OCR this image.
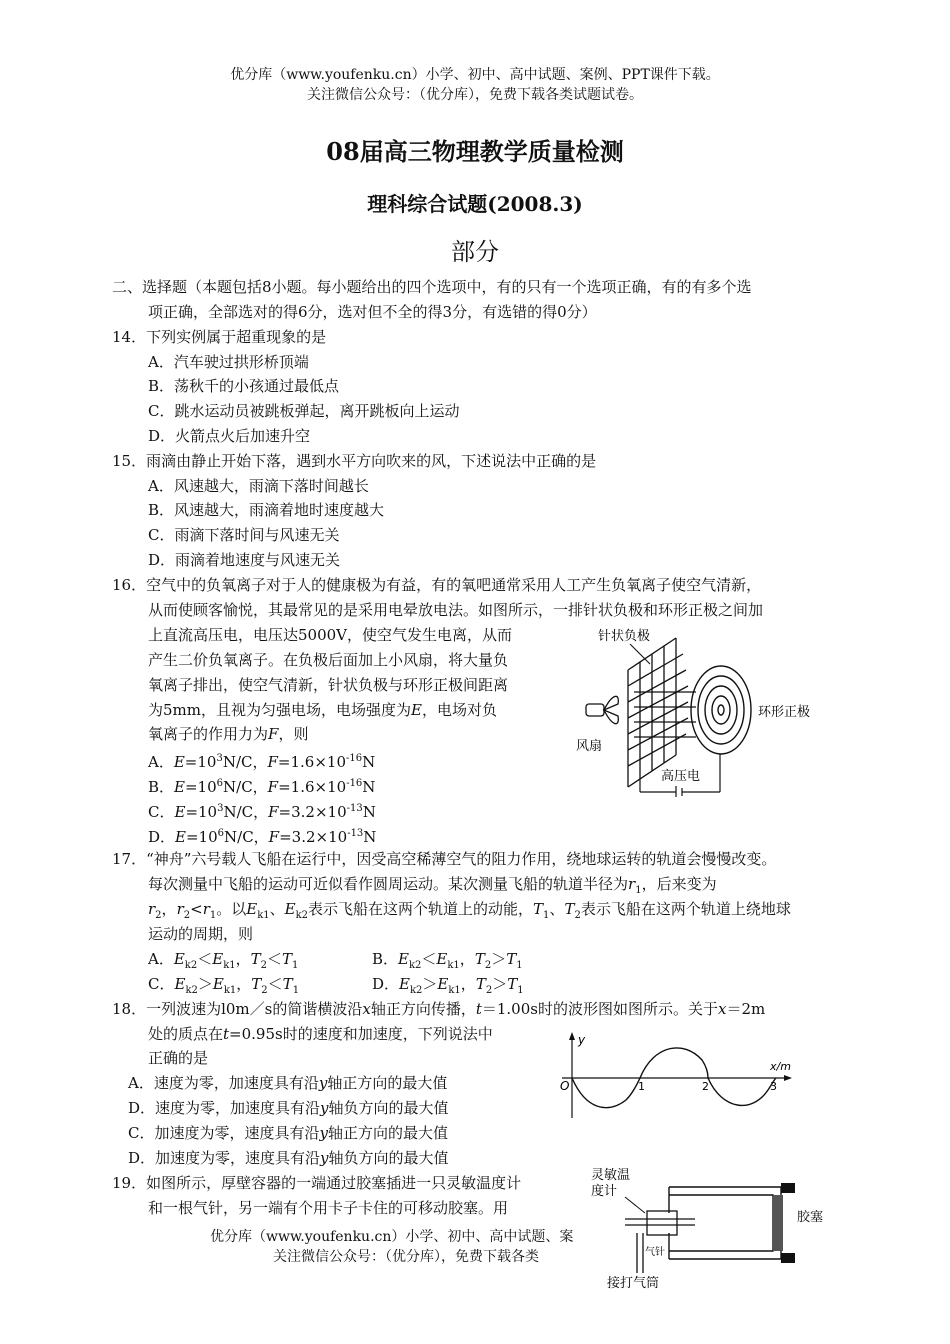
优分库（www.youfenku.cn）小学、初中、高中试题、案例、PPT课件下载。
关注微信公众号：（优分库），免费下载各类试题试卷。
08届高三物理教学质量检测
理科综合试题(2008.3)
部分
二、选择题（本题包括8小题。每小题给出的四个选项中，有的只有一个选项正确，有的有多个选
项正确，全部选对的得6分，选对但不全的得3分，有选错的得0分）
14．下列实例属于超重现象的是
A．汽车驶过拱形桥顶端
B．荡秋千的小孩通过最低点
C．跳水运动员被跳板弹起，离开跳板向上运动
D．火箭点火后加速升空
15．雨滴由静止开始下落，遇到水平方向吹来的风，下述说法中正确的是
A．风速越大，雨滴下落时间越长
B．风速越大，雨滴着地时速度越大
C．雨滴下落时间与风速无关
D．雨滴着地速度与风速无关
16．空气中的负氧离子对于人的健康极为有益，有的氧吧通常采用人工产生负氧离子使空气清新，
从而使顾客愉悦，其最常见的是采用电晕放电法。如图所示，一排针状负极和环形正极之间加
上直流高压电，电压达5000V，使空气发生电离，从而
产生二价负氧离子。在负极后面加上小风扇，将大量负
氧离子排出，使空气清新，针状负极与环形正极间距离
为5mm，且视为匀强电场，电场强度为E，电场对负
氧离子的作用力为F，则
A．$E=10^3N/C$，$F=1.6\times 10^{-16}N$
B．$E=10^6N/C$，$F=1.6\times 10^{-16}N$
C．$E=10^3N/C$，$F=3.2\times 10^{-13}N$
D．$E=10^6N/C$，$F=3.2\times 10^{-13}N$
针状负极
风扇
环形正极
高压电
17．“神舟”六号载人飞船在运行中，因受高空稀薄空气的阻力作用，绕地球运转的轨道会慢慢改变。
每次测量中飞船的运动可近似看作圆周运动。某次测量飞船的轨道半径为$r_1$，后来变为
$r_2$，$r_2<r_1$。以$E_{k1}$、$E_{k2}$表示飞船在这两个轨道上的动能，$T_1$、$T_2$表示飞船在这两个轨道上绕地球
运动的周期，则
A．$E_{k2}<E_{k1}$，$T_2<T_1$	B．$E_{k2}<E_{k1}$，$T_2>T_1$
C．$E_{k2}>E_{k1}$，$T_2<T_1$	D．$E_{k2}>E_{k1}$，$T_2>T_1$
18．一列波速为l0m／s的简谐横波沿x轴正方向传播，t＝1.00s时的波形图如图所示。关于x＝2m
处的质点在t=0.95s时的速度和加速度，下列说法中
正确的是
A．速度为零，加速度具有沿y轴正方向的最大值
D．速度为零，加速度具有沿y轴负方向的最大值
C．加速度为零，速度具有沿y轴正方向的最大值
D．加速度为零，速度具有沿y轴负方向的最大值
y
x/m
O	1	2	3
19．如图所示，厚壁容器的一端通过胶塞插进一只灵敏温度计
和一根气针，另一端有个用卡子卡住的可移动胶塞。用
灵敏温
度计
胶塞
气针
接打气筒
优分库（www.youfenku.cn）小学、初中、高中试题、案
关注微信公众号：（优分库），免费下载各类
